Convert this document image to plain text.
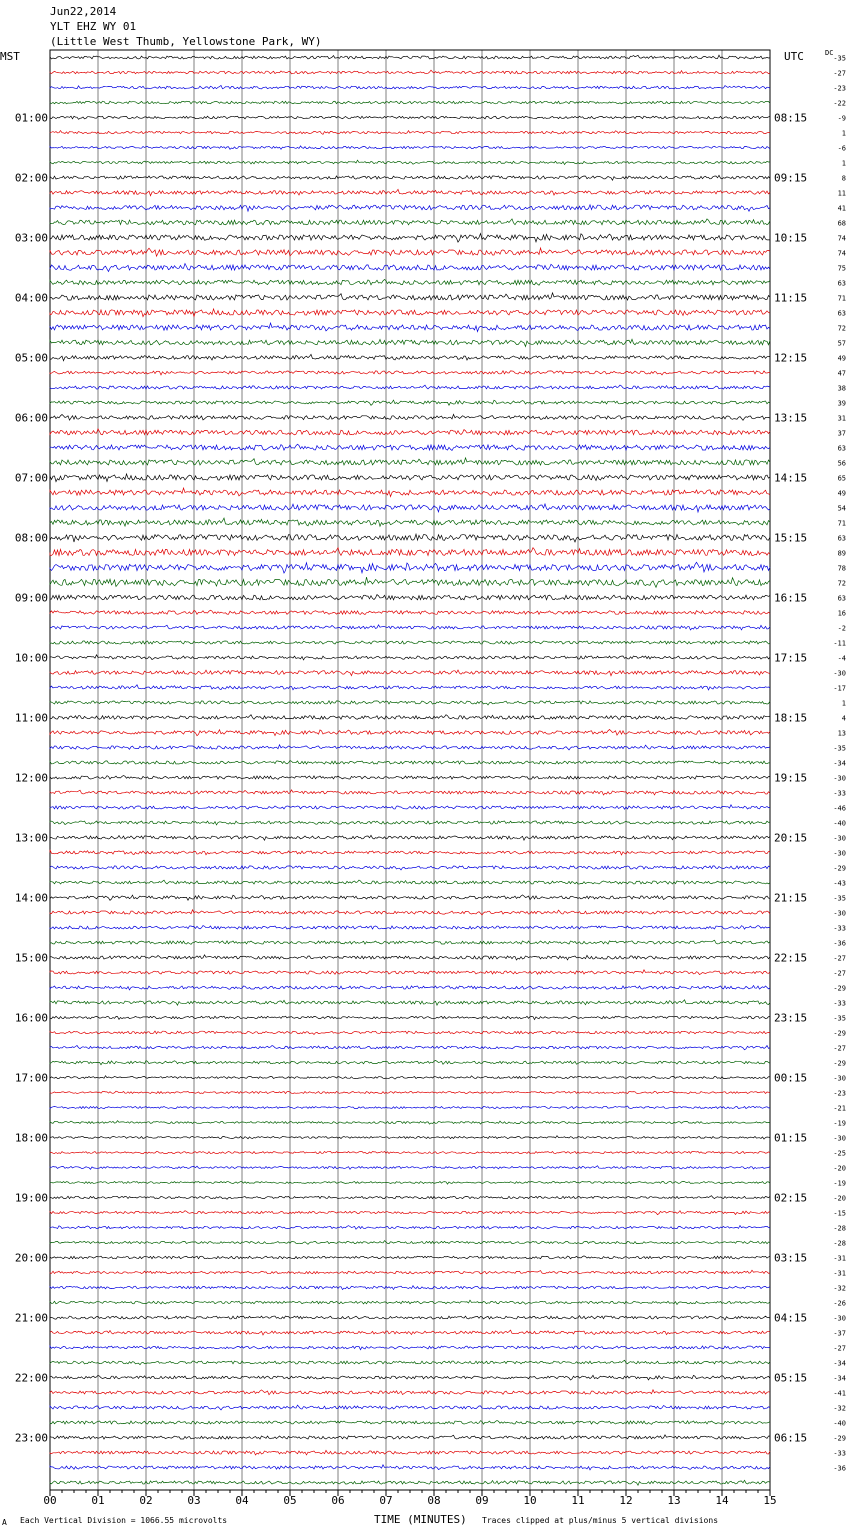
Jun22,2014
YLT EHZ WY 01
(Little West Thumb, Yellowstone Park, WY)
MST	UTC	DC
-35
-27
-23
-22
-9
1
-6
1
8
11
41
68
74
74
75
63
71
63
72
57
49
47
38
39
31
37
63
56
65
49
54
71
63
89
78
72
63
16
-2
-11
-4
-30
-17
1
4
13
-35
-34
-30
-33
-46
-40
-30
-30
-29
-43
-35
-30
-33
-36
-27
-27
-29
-33
-35
-29
-27
-29
-30
-23
-21
-19
-30
-25
-20
-19
-20
-15
-28
-28
-31
-31
-32
-26
-30
-37
-27
-34
-34
-41
-32
-40
-29
-33
-36
01:00
02:00
03:00
04:00
05:00
06:00
07:00
08:00
09:00
10:00
11:00
12:00
13:00
14:00
15:00
16:00
17:00
18:00
19:00
20:00
21:00
22:00
23:00
08:15
09:15
10:15
11:15
12:15
13:15
14:15
15:15
16:15
17:15
18:15
19:15
20:15
21:15
22:15
23:15
00:15
01:15
02:15
03:15
04:15
05:15
06:15
00	01	02	03	04	05	06	07	08	09	10	11	12	13	14	15
A Each Vertical Division = 1066.55 microvolts	TIME (MINUTES) Traces clipped at plus/minus 5 vertical divisions
